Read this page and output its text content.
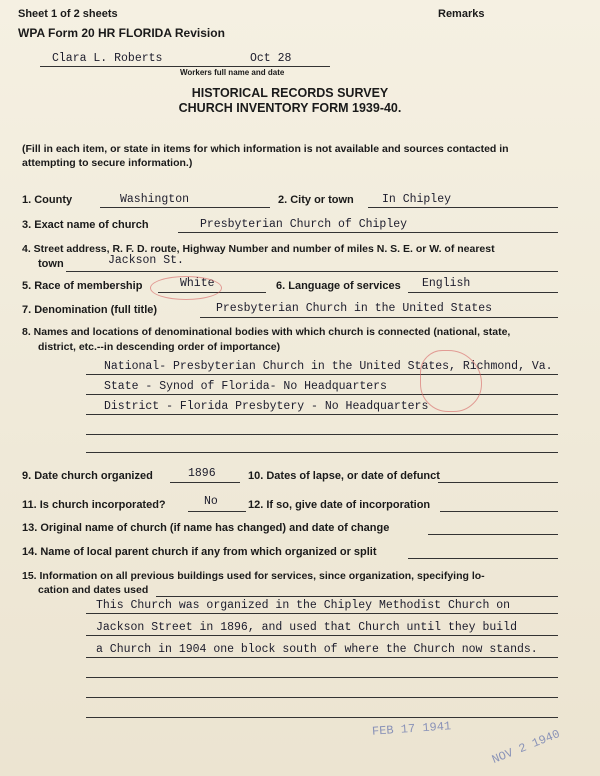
Sheet 1 of 2 sheets	Remarks
WPA Form 20 HR FLORIDA Revision
Clara L. Roberts	Oct 28
Workers full name and date
HISTORICAL RECORDS SURVEY
CHURCH INVENTORY FORM 1939-40.
(Fill in each item, or state in items for which information is not available and sources contacted in
attempting to secure information.)
1. County	Washington	2. City or town In Chipley
3. Exact name of church	Presbyterian Church of Chipley
4. Street address, R. F. D. route, Highway Number and number of miles N. S. E. or W. of nearest
town	Jackson St.
5. Race of membership	White	6. Language of services English
7. Denomination (full title)	Presbyterian Church in the United States
8. Names and locations of denominational bodies with which church is connected (national, state,
district, etc.--in descending order of importance)
National- Presbyterian Church in the United States, Richmond, Va.
State - Synod of Florida- No Headquarters
District - Florida Presbytery - No Headquarters
9. Date church organized	1896	10. Dates of lapse, or date of defunct
11. Is church incorporated?	No	12. If so, give date of incorporation
13. Original name of church (if name has changed) and date of change
14. Name of local parent church if any from which organized or split
15. Information on all previous buildings used for services, since organization, specifying lo-
cation and dates used
This Church was organized in the Chipley Methodist Church on
Jackson Street in 1896, and used that Church until they build
a Church in 1904 one block south of where the Church now stands.
FEB 17 1941	NOV 2 1940
